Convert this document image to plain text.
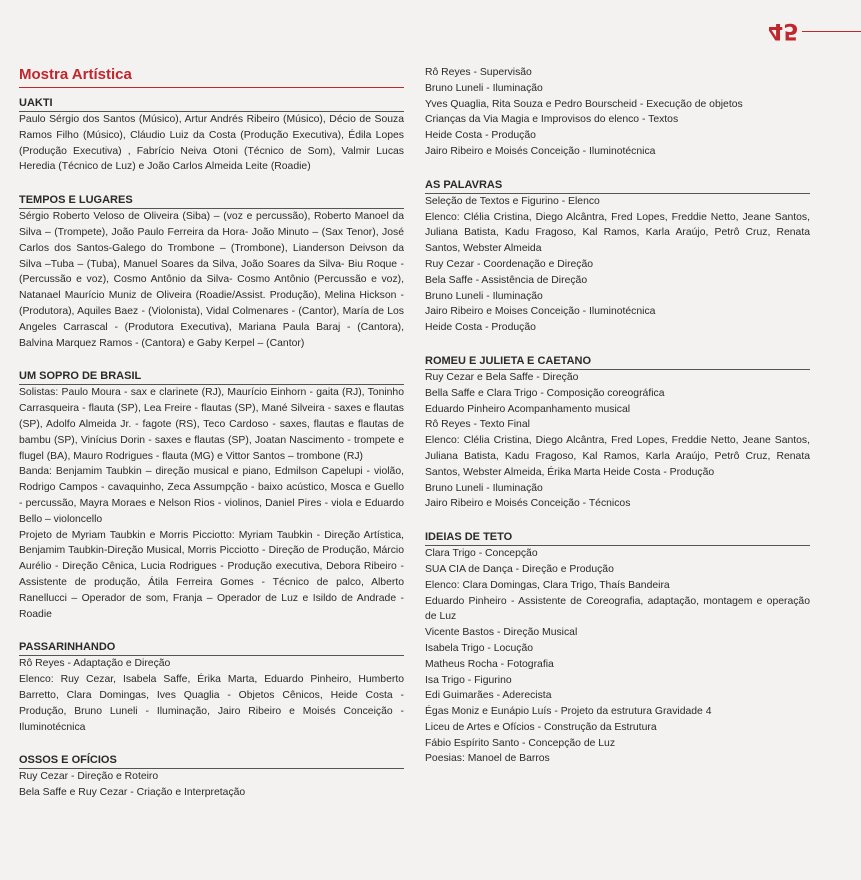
45
Mostra Artística
UAKTI

Paulo Sérgio dos Santos (Músico), Artur Andrés Ribeiro (Músico), Décio de Souza Ramos Filho (Músico), Cláudio Luiz da Costa (Produção Executiva), Édila Lopes (Produção Executiva) , Fabrício Neiva Otoni (Técnico de Som), Valmir Lucas Heredia (Técnico de Luz) e João Carlos Almeida Leite (Roadie)

TEMPOS E LUGARES

Sérgio Roberto Veloso de Oliveira (Siba) – (voz e percussão), Roberto Manoel da Silva – (Trompete), João Paulo Ferreira da Hora- João Minuto – (Sax Tenor), José Carlos dos Santos-Galego do Trombone – (Trombone), Lianderson Deivson da Silva –Tuba – (Tuba), Manuel Soares da Silva, João Soares da Silva- Biu Roque - (Percussão e voz), Cosmo Antônio da Silva- Cosmo Antônio (Percussão e voz), Natanael Maurício Muniz de Oliveira (Roadie/Assist. Produção), Melina Hickson - (Produtora), Aquiles Baez - (Violonista), Vidal Colmenares - (Cantor), María de Los Angeles Carrascal - (Produtora Executiva), Mariana Paula Baraj - (Cantora), Balvina Marquez Ramos - (Cantora) e Gaby Kerpel – (Cantor)

UM SOPRO DE BRASIL

Solistas: Paulo Moura - sax e clarinete (RJ), Maurício Einhorn - gaita (RJ), Toninho Carrasqueira - flauta (SP), Lea Freire - flautas (SP), Mané Silveira - saxes e flautas (SP), Adolfo Almeida Jr. - fagote (RS), Teco Cardoso - saxes, flautas e flautas de bambu (SP), Vinícius Dorin - saxes e flautas (SP), Joatan Nascimento - trompete e flugel (BA), Mauro Rodrigues - flauta (MG) e Vittor Santos – trombone (RJ)

Banda: Benjamim Taubkin – direção musical e piano, Edmilson Capelupi - violão, Rodrigo Campos - cavaquinho, Zeca Assumpção - baixo acústico, Mosca e Guello - percussão, Mayra Moraes e Nelson Rios - violinos, Daniel Pires - viola e Eduardo Bello – violoncello

Projeto de Myriam Taubkin e Morris Picciotto: Myriam Taubkin - Direção Artística, Benjamim Taubkin-Direção Musical, Morris Picciotto - Direção de Produção, Márcio Aurélio - Direção Cênica, Lucia Rodrigues - Produção executiva, Debora Ribeiro - Assistente de produção, Átila Ferreira Gomes - Técnico de palco, Alberto Ranellucci – Operador de som, Franja – Operador de Luz e Isildo de Andrade - Roadie

PASSARINHANDO

Rô Reyes - Adaptação e Direção

Elenco: Ruy Cezar, Isabela Saffe, Érika Marta, Eduardo Pinheiro, Humberto Barretto, Clara Domingas, Ives Quaglia - Objetos Cênicos, Heide Costa - Produção, Bruno Luneli - Iluminação, Jairo Ribeiro e Moisés Conceição - Iluminotécnica

OSSOS E OFÍCIOS

Ruy Cezar - Direção e Roteiro

Bela Saffe e Ruy Cezar - Criação e Interpretação

Rô Reyes - Supervisão

Bruno Luneli - Iluminação

Yves Quaglia, Rita Souza e Pedro Bourscheid - Execução de objetos

Crianças da Via Magia e Improvisos do elenco - Textos

Heide Costa - Produção

Jairo Ribeiro e Moisés Conceição - Iluminotécnica

AS PALAVRAS

Seleção de Textos e Figurino - Elenco

Elenco: Clélia Cristina, Diego Alcântra, Fred Lopes, Freddie Netto, Jeane Santos, Juliana Batista, Kadu Fragoso, Kal Ramos, Karla Araújo, Petrô Cruz, Renata Santos, Webster Almeida

Ruy Cezar - Coordenação e Direção

Bela Saffe - Assistência de Direção

Bruno Luneli - Iluminação

Jairo Ribeiro e Moises Conceição - Iluminotécnica

Heide Costa - Produção

ROMEU E JULIETA E CAETANO

Ruy Cezar e Bela Saffe - Direção

Bella Saffe e Clara Trigo - Composição coreográfica

Eduardo Pinheiro Acompanhamento musical

Rô Reyes - Texto Final

Elenco: Clélia Cristina, Diego Alcântra, Fred Lopes, Freddie Netto, Jeane Santos, Juliana Batista, Kadu Fragoso, Kal Ramos, Karla Araújo, Petrô Cruz, Renata Santos, Webster Almeida, Érika Marta Heide Costa - Produção

Bruno Luneli - Iluminação

Jairo Ribeiro e Moisés Conceição - Técnicos

IDEIAS DE TETO

Clara Trigo - Concepção

SUA CIA de Dança - Direção e Produção

Elenco: Clara Domingas, Clara Trigo, Thaís Bandeira

Eduardo Pinheiro - Assistente de Coreografia, adaptação, montagem e operação de Luz

Vicente Bastos - Direção Musical

Isabela Trigo - Locução

Matheus Rocha - Fotografia

Isa Trigo - Figurino

Edi Guimarães - Aderecista

Égas Moniz e Eunápio Luís - Projeto da estrutura Gravidade 4

Liceu de Artes e Ofícios - Construção da Estrutura

Fábio Espírito Santo - Concepção de Luz

Poesias: Manoel de Barros
